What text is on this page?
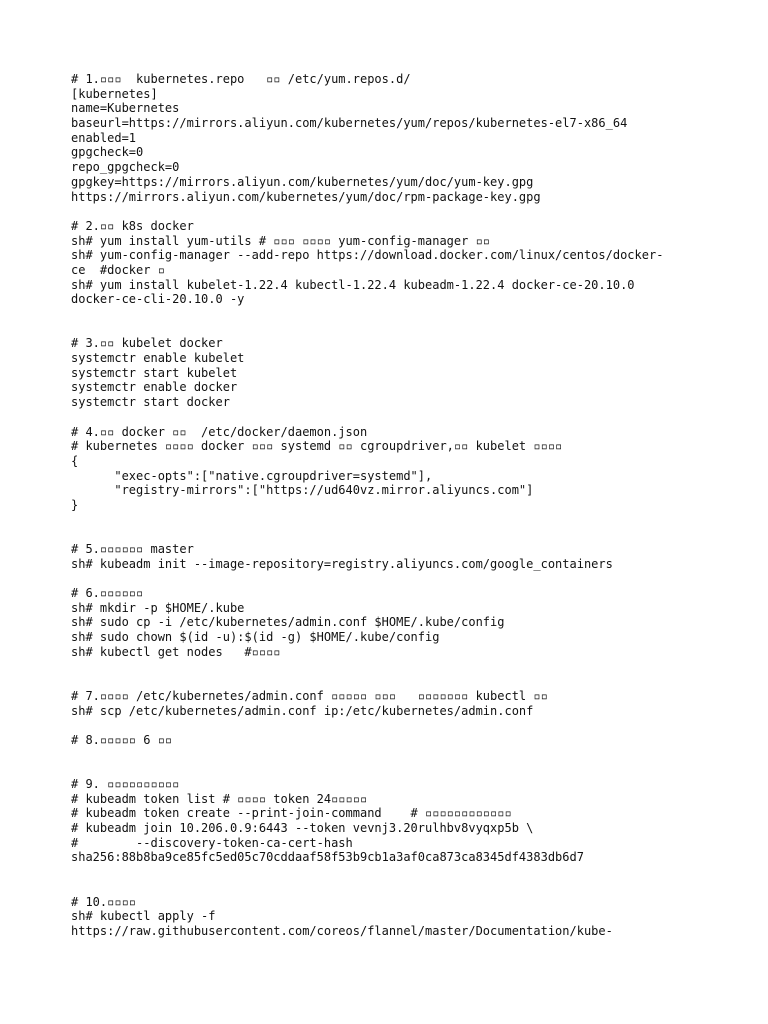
# 1.▫▫▫  kubernetes.repo   ▫▫ /etc/yum.repos.d/
[kubernetes]
name=Kubernetes
baseurl=https://mirrors.aliyun.com/kubernetes/yum/repos/kubernetes-el7-x86_64
enabled=1
gpgcheck=0
repo_gpgcheck=0
gpgkey=https://mirrors.aliyun.com/kubernetes/yum/doc/yum-key.gpg
https://mirrors.aliyun.com/kubernetes/yum/doc/rpm-package-key.gpg
# 2.▫▫ k8s docker
sh# yum install yum-utils # ▫▫▫ ▫▫▫▫ yum-config-manager ▫▫
sh# yum-config-manager --add-repo https://download.docker.com/linux/centos/docker-
ce  #docker ▫
sh# yum install kubelet-1.22.4 kubectl-1.22.4 kubeadm-1.22.4 docker-ce-20.10.0
docker-ce-cli-20.10.0 -y
# 3.▫▫ kubelet docker
systemctr enable kubelet
systemctr start kubelet
systemctr enable docker
systemctr start docker
# 4.▫▫ docker ▫▫  /etc/docker/daemon.json
# kubernetes ▫▫▫▫ docker ▫▫▫ systemd ▫▫ cgroupdriver,▫▫ kubelet ▫▫▫▫
{
"exec-opts":["native.cgroupdriver=systemd"],
"registry-mirrors":["https://ud640vz.mirror.aliyuncs.com"]
}
# 5.▫▫▫▫▫▫ master
sh# kubeadm init --image-repository=registry.aliyuncs.com/google_containers
# 6.▫▫▫▫▫▫
sh# mkdir -p $HOME/.kube
sh# sudo cp -i /etc/kubernetes/admin.conf $HOME/.kube/config
sh# sudo chown $(id -u):$(id -g) $HOME/.kube/config
sh# kubectl get nodes   #▫▫▫▫
# 7.▫▫▫▫ /etc/kubernetes/admin.conf ▫▫▫▫▫ ▫▫▫   ▫▫▫▫▫▫▫ kubectl ▫▫
sh# scp /etc/kubernetes/admin.conf ip:/etc/kubernetes/admin.conf
# 8.▫▫▫▫▫ 6 ▫▫
# 9. ▫▫▫▫▫▫▫▫▫▫
# kubeadm token list # ▫▫▫▫ token 24▫▫▫▫▫
# kubeadm token create --print-join-command    # ▫▫▫▫▫▫▫▫▫▫▫▫
# kubeadm join 10.206.0.9:6443 --token vevnj3.20rulhbv8vyqxp5b \
#        --discovery-token-ca-cert-hash
sha256:88b8ba9ce85fc5ed05c70cddaaf58f53b9cb1a3af0ca873ca8345df4383db6d7
# 10.▫▫▫▫
sh# kubectl apply -f
https://raw.githubusercontent.com/coreos/flannel/master/Documentation/kube-
